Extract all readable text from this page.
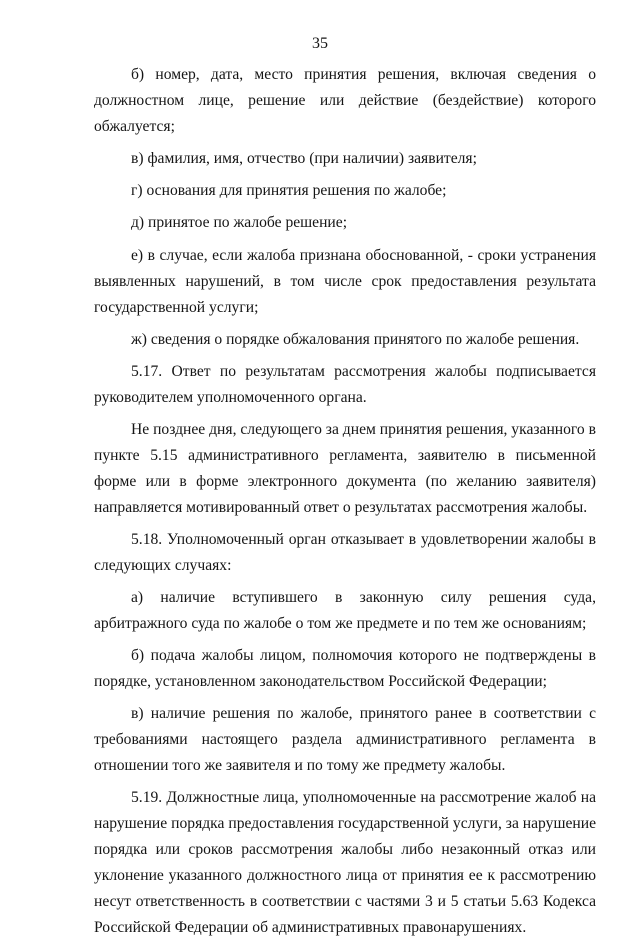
35

б) номер, дата, место принятия решения, включая сведения о должностном лице, решение или действие (бездействие) которого обжалуется;

в) фамилия, имя, отчество (при наличии) заявителя;

г) основания для принятия решения по жалобе;

д) принятое по жалобе решение;

е) в случае, если жалоба признана обоснованной, - сроки устранения выявленных нарушений, в том числе срок предоставления результата государственной услуги;

ж) сведения о порядке обжалования принятого по жалобе решения.

5.17. Ответ по результатам рассмотрения жалобы подписывается руководителем уполномоченного органа.

Не позднее дня, следующего за днем принятия решения, указанного в пункте 5.15 административного регламента, заявителю в письменной форме или в форме электронного документа (по желанию заявителя) направляется мотивированный ответ о результатах рассмотрения жалобы.

5.18. Уполномоченный орган отказывает в удовлетворении жалобы в следующих случаях:

а) наличие вступившего в законную силу решения суда, арбитражного суда по жалобе о том же предмете и по тем же основаниям;

б) подача жалобы лицом, полномочия которого не подтверждены в порядке, установленном законодательством Российской Федерации;

в) наличие решения по жалобе, принятого ранее в соответствии с требованиями настоящего раздела административного регламента в отношении того же заявителя и по тому же предмету жалобы.

5.19. Должностные лица, уполномоченные на рассмотрение жалоб на нарушение порядка предоставления государственной услуги, за нарушение порядка или сроков рассмотрения жалобы либо незаконный отказ или уклонение указанного должностного лица от принятия ее к рассмотрению несут ответственность в соответствии с частями 3 и 5 статьи 5.63 Кодекса Российской Федерации об административных правонарушениях.
